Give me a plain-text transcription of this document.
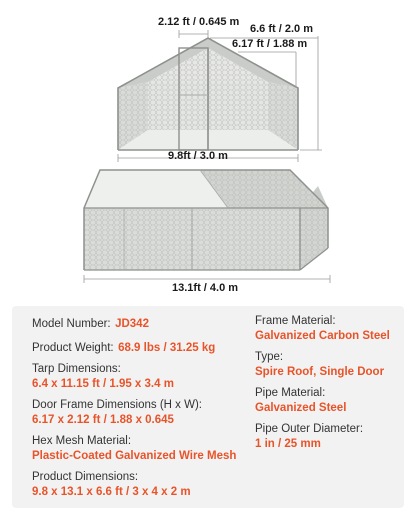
2.12 ft / 0.645 m
6.6 ft / 2.0 m
6.17 ft / 1.88 m
9.8ft / 3.0 m
13.1ft / 4.0 m
Model Number: JD342
Product Weight: 68.9 lbs / 31.25 kg
Tarp Dimensions:
6.4 x 11.15 ft / 1.95 x 3.4 m
Door Frame Dimensions (H x W):
6.17 x 2.12 ft / 1.88 x 0.645
Hex Mesh Material:
Plastic-Coated Galvanized Wire Mesh
Product Dimensions:
9.8 x 13.1 x 6.6 ft / 3 x 4 x 2 m
Frame Material:
Galvanized Carbon Steel
Type:
Spire Roof, Single Door
Pipe Material:
Galvanized Steel
Pipe Outer Diameter:
1 in / 25 mm
